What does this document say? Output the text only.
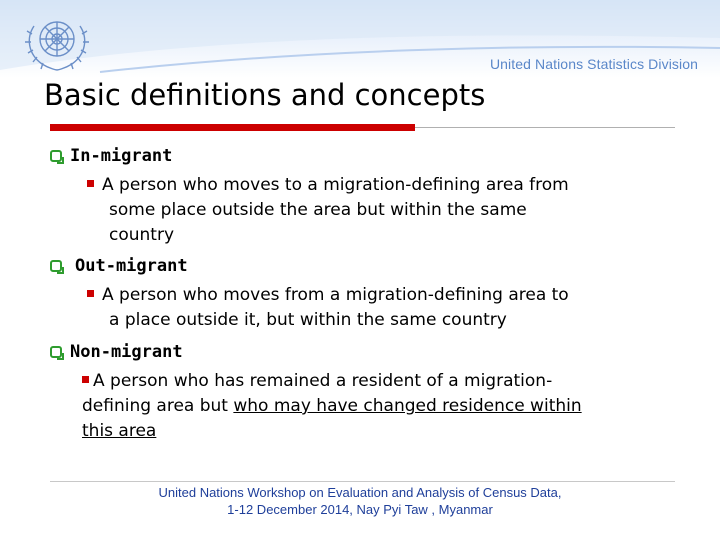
United Nations Statistics Division
Basic definitions and concepts
In-migrant
A person who moves to a migration-defining area from
some place outside the area but within the same
country
Out-migrant
A person who moves from a migration-defining area to
a place outside it, but within the same country
Non-migrant
A person who has remained a resident of a migration-
defining area but who may have changed residence within
this area
United Nations Workshop on Evaluation and Analysis of Census Data,
1-12 December 2014, Nay Pyi Taw , Myanmar
